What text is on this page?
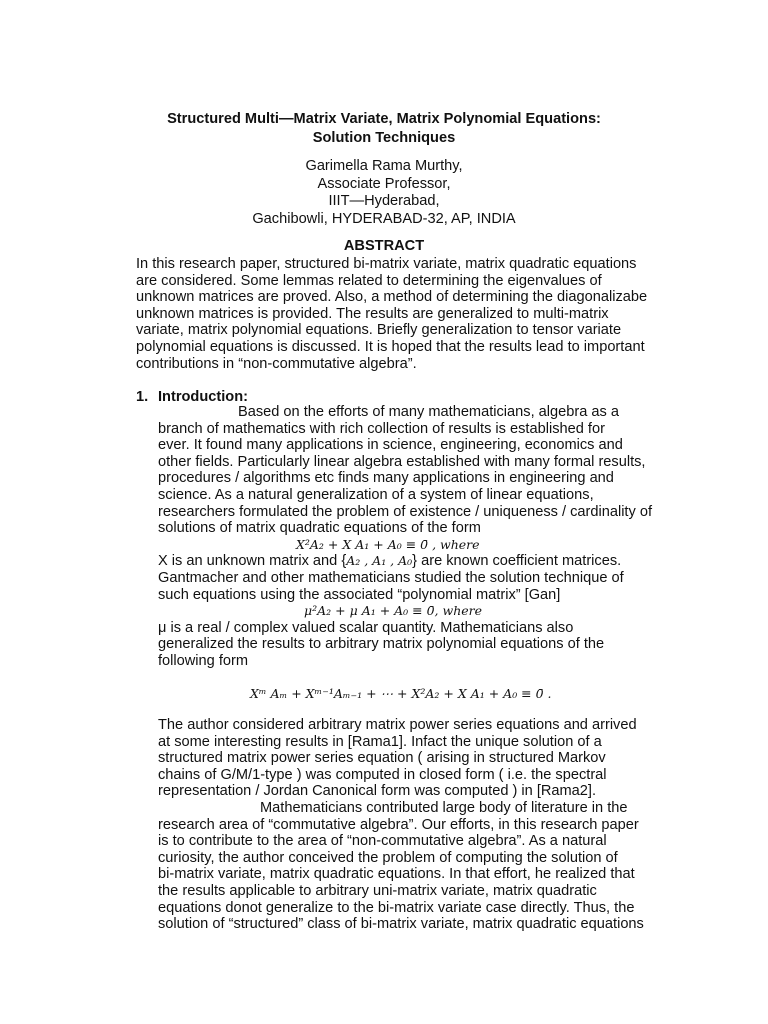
Structured Multi—Matrix Variate, Matrix Polynomial Equations:
Solution Techniques
Garimella Rama Murthy,
Associate Professor,
IIIT—Hyderabad,
Gachibowli, HYDERABAD-32, AP, INDIA
ABSTRACT
In this research paper, structured bi-matrix variate, matrix quadratic equations
are considered. Some lemmas related to determining the eigenvalues of
unknown matrices are proved. Also, a method of determining the diagonalizabe
unknown matrices is provided. The results are generalized to multi-matrix
variate, matrix polynomial equations. Briefly generalization to tensor variate
polynomial equations is discussed. It is hoped that the results lead to important
contributions in “non-commutative algebra”.
1. Introduction:
Based on the efforts of many mathematicians, algebra as a
branch of mathematics with rich collection of results is established for
ever. It found many applications in science, engineering, economics and
other fields. Particularly linear algebra established with many formal results,
procedures / algorithms etc finds many applications in engineering and
science. As a natural generalization of a system of linear equations,
researchers formulated the problem of existence / uniqueness / cardinality of
solutions of matrix quadratic equations of the form
X²A₂ + X A₁ + A₀ ≡ 0̄ , where
X is an unknown matrix and {A₂ , A₁ , A₀} are known coefficient matrices.
Gantmacher and other mathematicians studied the solution technique of
such equations using the associated “polynomial matrix” [Gan]
μ²A₂ + μ A₁ + A₀ ≡ 0̄, where
μ is a real / complex valued scalar quantity. Mathematicians also
generalized the results to arbitrary matrix polynomial equations of the
following form
Xᵐ Aₘ + Xᵐ⁻¹Aₘ₋₁ + ⋯ + X²A₂ + X A₁ + A₀ ≡ 0̄ .
The author considered arbitrary matrix power series equations and arrived
at some interesting results in [Rama1]. Infact the unique solution of a
structured matrix power series equation ( arising in structured Markov
chains of G/M/1-type ) was computed in closed form ( i.e. the spectral
representation / Jordan Canonical form was computed ) in [Rama2].
Mathematicians contributed large body of literature in the
research area of “commutative algebra”. Our efforts, in this research paper
is to contribute to the area of “non-commutative algebra”. As a natural
curiosity, the author conceived the problem of computing the solution of
bi-matrix variate, matrix quadratic equations. In that effort, he realized that
the results applicable to arbitrary uni-matrix variate, matrix quadratic
equations donot generalize to the bi-matrix variate case directly. Thus, the
solution of “structured” class of bi-matrix variate, matrix quadratic equations
